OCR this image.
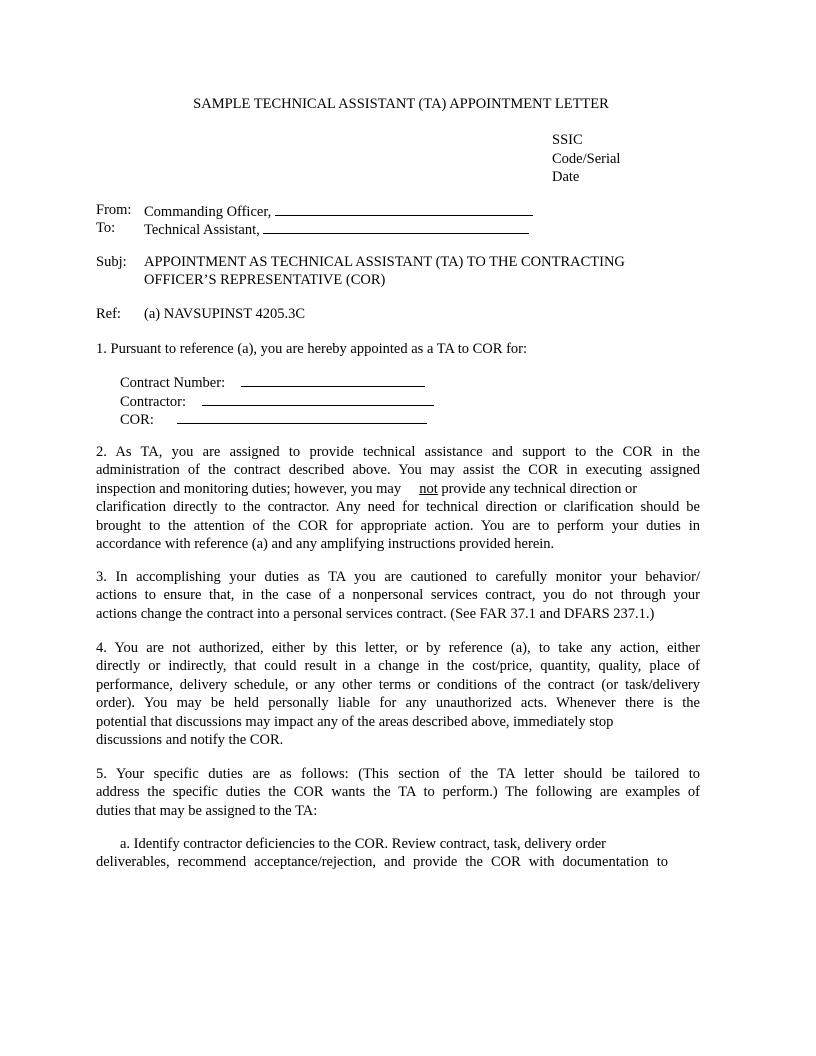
SAMPLE TECHNICAL ASSISTANT (TA) APPOINTMENT LETTER
SSIC
Code/Serial
Date
From: Commanding Officer,
To: Technical Assistant,
Subj: APPOINTMENT AS TECHNICAL ASSISTANT (TA) TO THE CONTRACTING
OFFICER’S REPRESENTATIVE (COR)
Ref: (a) NAVSUPINST 4205.3C
1. Pursuant to reference (a), you are hereby appointed as a TA to COR for:
Contract Number:
Contractor:
COR:
2. As TA, you are assigned to provide technical assistance and support to the COR in the
administration of the contract described above. You may assist the COR in executing assigned
inspection and monitoring duties; however, you may not provide any technical direction or
clarification directly to the contractor. Any need for technical direction or clarification should be
brought to the attention of the COR for appropriate action. You are to perform your duties in
accordance with reference (a) and any amplifying instructions provided herein.
3. In accomplishing your duties as TA you are cautioned to carefully monitor your behavior/
actions to ensure that, in the case of a nonpersonal services contract, you do not through your
actions change the contract into a personal services contract. (See FAR 37.1 and DFARS 237.1.)
4. You are not authorized, either by this letter, or by reference (a), to take any action, either
directly or indirectly, that could result in a change in the cost/price, quantity, quality, place of
performance, delivery schedule, or any other terms or conditions of the contract (or task/delivery
order). You may be held personally liable for any unauthorized acts. Whenever there is the
potential that discussions may impact any of the areas described above, immediately stop
discussions and notify the COR.
5. Your specific duties are as follows: (This section of the TA letter should be tailored to
address the specific duties the COR wants the TA to perform.) The following are examples of
duties that may be assigned to the TA:
a. Identify contractor deficiencies to the COR. Review contract, task, delivery order
deliverables, recommend acceptance/rejection, and provide the COR with documentation to
